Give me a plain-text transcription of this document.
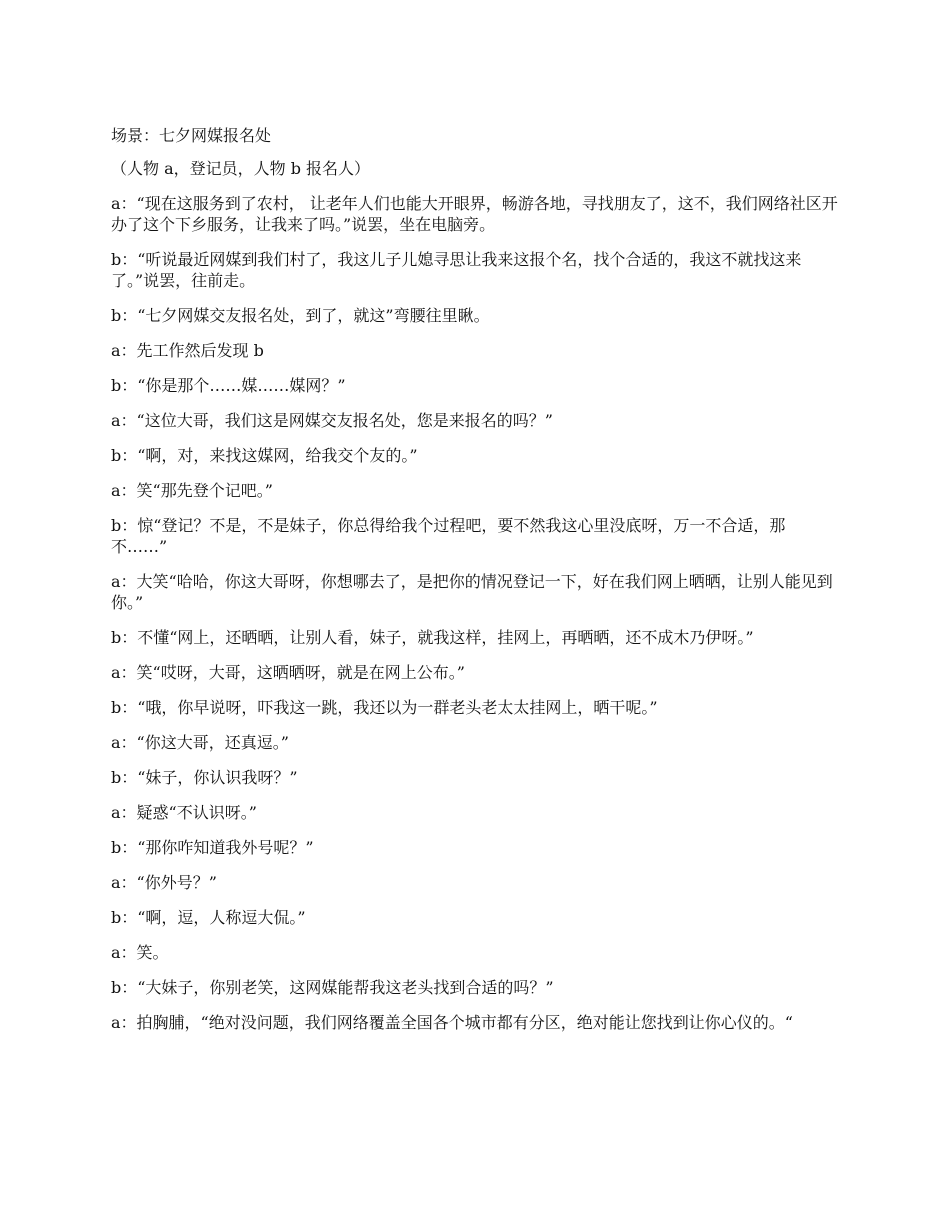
场景：七夕网媒报名处

（人物 a，登记员，人物 b 报名人）

a：“现在这服务到了农村， 让老年人们也能大开眼界，畅游各地，寻找朋友了，这不，我们网络社区开办了这个下乡服务，让我来了吗。”说罢，坐在电脑旁。

b：“听说最近网媒到我们村了，我这儿子儿媳寻思让我来这报个名，找个合适的，我这不就找这来了。”说罢，往前走。

b：“七夕网媒交友报名处，到了，就这”弯腰往里瞅。

a：先工作然后发现 b

b：“你是那个……媒……媒网？”

a：“这位大哥，我们这是网媒交友报名处，您是来报名的吗？”

b：“啊，对，来找这媒网，给我交个友的。”

a：笑“那先登个记吧。”

b：惊“登记？不是，不是妹子，你总得给我个过程吧，要不然我这心里没底呀，万一不合适，那不……”

a：大笑“哈哈，你这大哥呀，你想哪去了，是把你的情况登记一下，好在我们网上晒晒，让别人能见到你。”

b：不懂“网上，还晒晒，让别人看，妹子，就我这样，挂网上，再晒晒，还不成木乃伊呀。”

a：笑“哎呀，大哥，这晒晒呀，就是在网上公布。”

b：“哦，你早说呀，吓我这一跳，我还以为一群老头老太太挂网上，晒干呢。”

a：“你这大哥，还真逗。”

b：“妹子，你认识我呀？”

a：疑惑“不认识呀。”

b：“那你咋知道我外号呢？”

a：“你外号？”

b：“啊，逗，人称逗大侃。”

a：笑。

b：“大妹子，你别老笑，这网媒能帮我这老头找到合适的吗？”

a：拍胸脯，“绝对没问题，我们网络覆盖全国各个城市都有分区，绝对能让您找到让你心仪的。“
